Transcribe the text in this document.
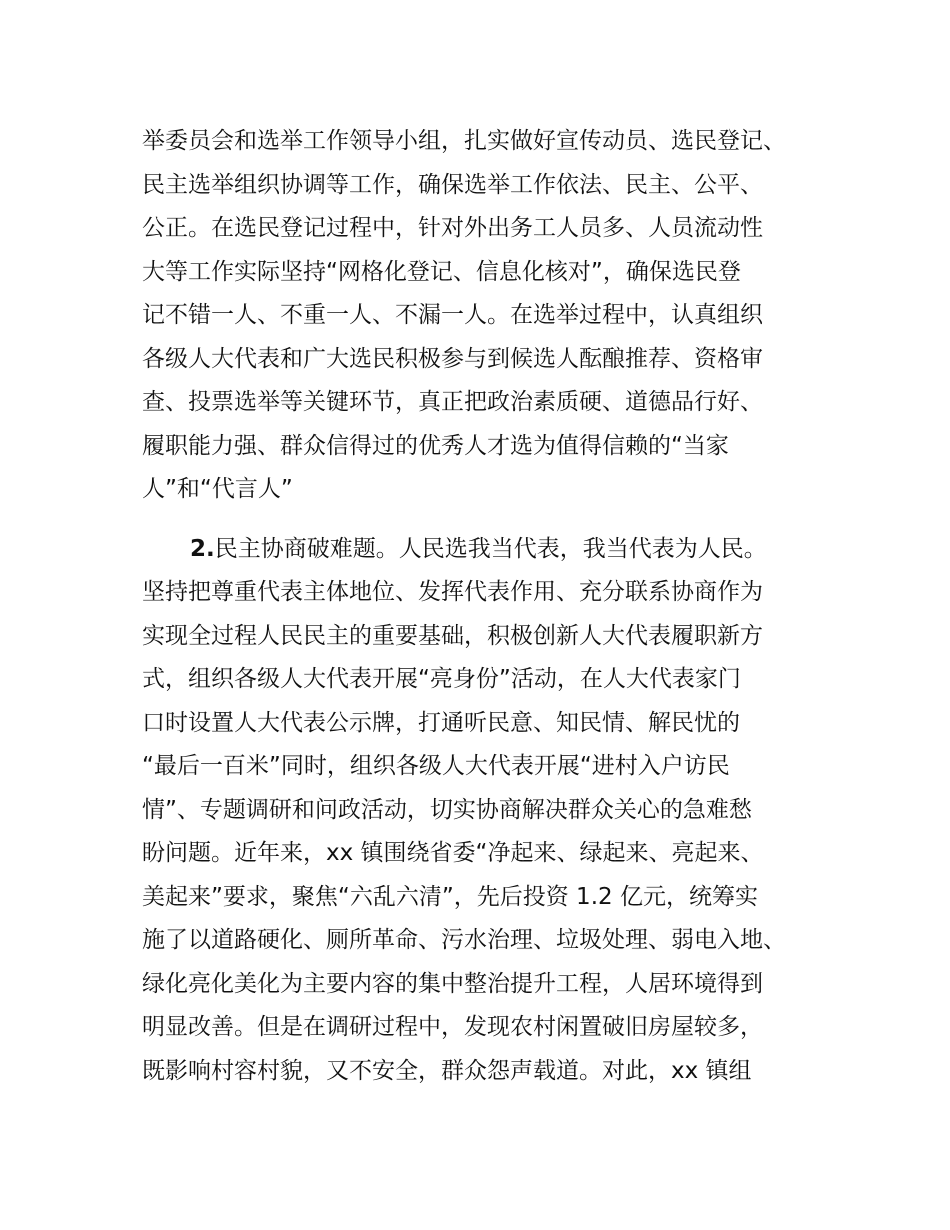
举委员会和选举工作领导小组，扎实做好宣传动员、选民登记、
民主选举组织协调等工作，确保选举工作依法、民主、公平、
公正。在选民登记过程中，针对外出务工人员多、人员流动性
大等工作实际坚持“网格化登记、信息化核对”，确保选民登
记不错一人、不重一人、不漏一人。在选举过程中，认真组织
各级人大代表和广大选民积极参与到候选人酝酿推荐、资格审
查、投票选举等关键环节，真正把政治素质硬、道德品行好、
履职能力强、群众信得过的优秀人才选为值得信赖的“当家
人”和“代言人”
2.民主协商破难题。人民选我当代表，我当代表为人民。
坚持把尊重代表主体地位、发挥代表作用、充分联系协商作为
实现全过程人民民主的重要基础，积极创新人大代表履职新方
式，组织各级人大代表开展“亮身份”活动，在人大代表家门
口时设置人大代表公示牌，打通听民意、知民情、解民忧的
“最后一百米”同时，组织各级人大代表开展“进村入户访民
情”、专题调研和问政活动，切实协商解决群众关心的急难愁
盼问题。近年来，xx 镇围绕省委“净起来、绿起来、亮起来、
美起来”要求，聚焦“六乱六清”，先后投资 1.2 亿元，统筹实
施了以道路硬化、厕所革命、污水治理、垃圾处理、弱电入地、
绿化亮化美化为主要内容的集中整治提升工程，人居环境得到
明显改善。但是在调研过程中，发现农村闲置破旧房屋较多，
既影响村容村貌，又不安全，群众怨声载道。对此，xx 镇组
